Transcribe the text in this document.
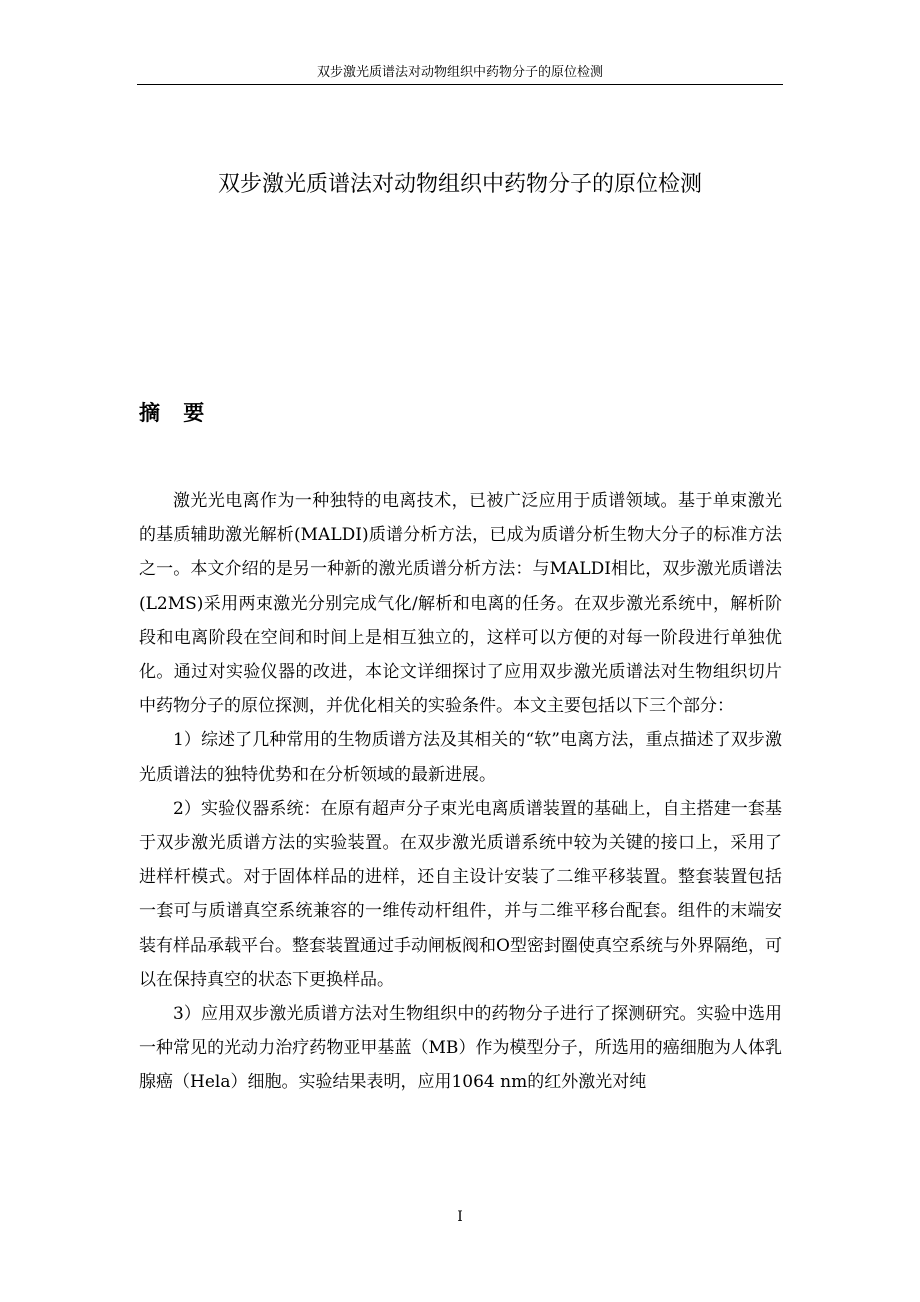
双步激光质谱法对动物组织中药物分子的原位检测
双步激光质谱法对动物组织中药物分子的原位检测
摘 要

激光光电离作为一种独特的电离技术，已被广泛应用于质谱领域。基于单束激光的基质辅助激光解析(MALDI)质谱分析方法，已成为质谱分析生物大分子的标准方法之一。本文介绍的是另一种新的激光质谱分析方法：与MALDI相比，双步激光质谱法(L2MS)采用两束激光分别完成气化/解析和电离的任务。在双步激光系统中，解析阶段和电离阶段在空间和时间上是相互独立的，这样可以方便的对每一阶段进行单独优化。通过对实验仪器的改进，本论文详细探讨了应用双步激光质谱法对生物组织切片中药物分子的原位探测，并优化相关的实验条件。本文主要包括以下三个部分：

1）综述了几种常用的生物质谱方法及其相关的“软”电离方法，重点描述了双步激光质谱法的独特优势和在分析领域的最新进展。

2）实验仪器系统：在原有超声分子束光电离质谱装置的基础上，自主搭建一套基于双步激光质谱方法的实验装置。在双步激光质谱系统中较为关键的接口上，采用了进样杆模式。对于固体样品的进样，还自主设计安装了二维平移装置。整套装置包括一套可与质谱真空系统兼容的一维传动杆组件，并与二维平移台配套。组件的末端安装有样品承载平台。整套装置通过手动闸板阀和O型密封圈使真空系统与外界隔绝，可以在保持真空的状态下更换样品。

3）应用双步激光质谱方法对生物组织中的药物分子进行了探测研究。实验中选用一种常见的光动力治疗药物亚甲基蓝（MB）作为模型分子，所选用的癌细胞为人体乳腺癌（Hela）细胞。实验结果表明，应用1064 nm的红外激光对纯

I
